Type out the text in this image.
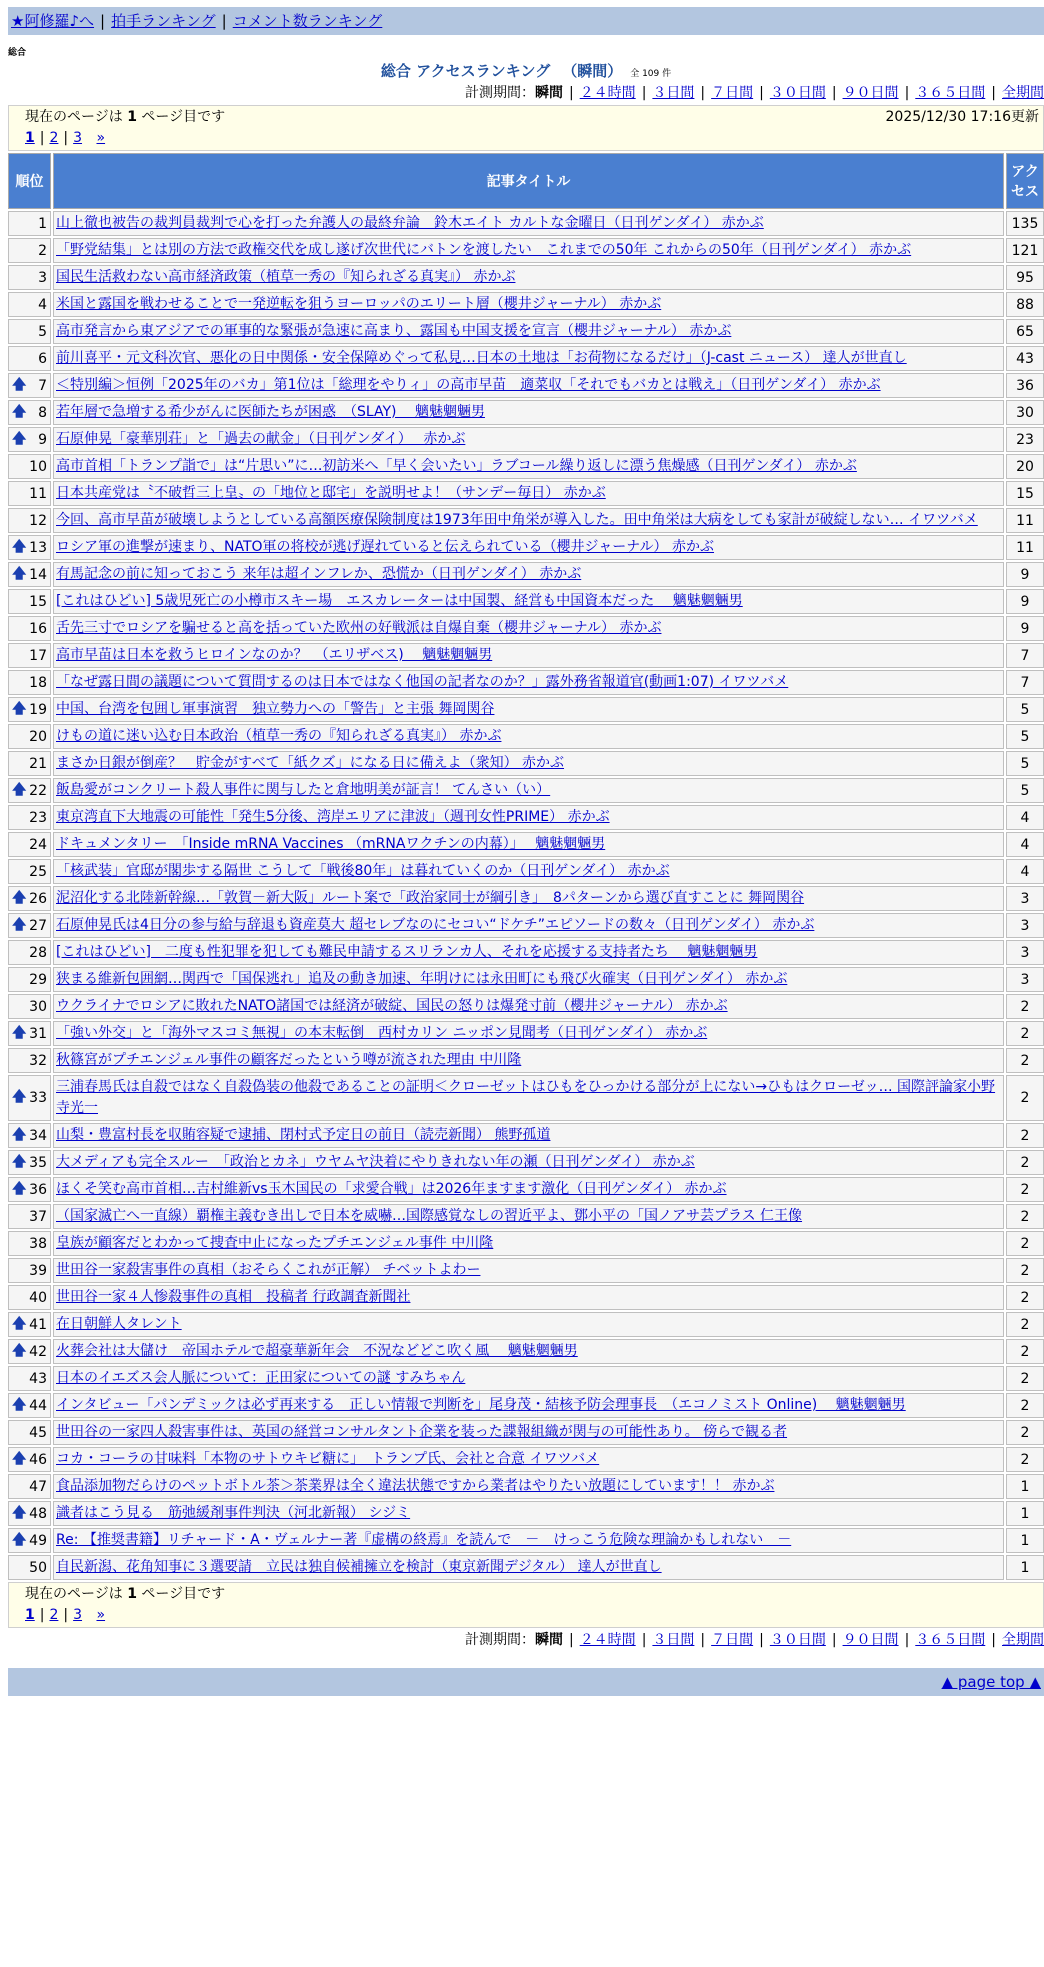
★阿修羅♪へ | 拍手ランキング | コメント数ランキング
総合
総合 アクセスランキング （瞬間） 全 109 件
計測期間：瞬間 | ２４時間 | ３日間 | ７日間 | ３０日間 | ９０日間 | ３６５日間 | 全期間
現在のページは 1 ページ目です	2025/12/30 17:16更新
1 | 2 | 3 »
順位	記事タイトル	アクセス
1	山上徹也被告の裁判員裁判で心を打った弁護人の最終弁論　鈴木エイト カルトな金曜日（日刊ゲンダイ） 赤かぶ	135
2	「野党結集」とは別の方法で政権交代を成し遂げ次世代にバトンを渡したい　これまでの50年 これからの50年（日刊ゲンダイ） 赤かぶ	121
3	国民生活救わない高市経済政策（植草一秀の『知られざる真実』） 赤かぶ	95
4	米国と露国を戦わせることで一発逆転を狙うヨーロッパのエリート層（櫻井ジャーナル） 赤かぶ	88
5	高市発言から東アジアでの軍事的な緊張が急速に高まり、露国も中国支援を宣言（櫻井ジャーナル） 赤かぶ	65
6	前川喜平・元文科次官、悪化の日中関係・安全保障めぐって私見…日本の土地は「お荷物になるだけ」（J-cast ニュース） 達人が世直し	43

🡅 7	＜特別編＞恒例「2025年のバカ」第1位は「総理をやりィ」の高市早苗　適菜収「それでもバカとは戦え」（日刊ゲンダイ） 赤かぶ	36

🡅 8	若年層で急増する希少がんに医師たちが困惑　（SLAY)　 魑魅魍魎男	30

🡅 9	石原伸晃「豪華別荘」と「過去の献金」（日刊ゲンダイ）　 赤かぶ	23
10	高市首相「トランプ詣で」は“片思い”に…初訪米へ「早く会いたい」ラブコール繰り返しに漂う焦燥感（日刊ゲンダイ） 赤かぶ	20
11	日本共産党は〝不破哲三上皇〟の「地位と邸宅」を説明せよ！（サンデー毎日） 赤かぶ	15
12	今回、高市早苗が破壊しようとしている高額医療保険制度は1973年田中角栄が導入した。田中角栄は大病をしても家計が破綻しない… イワツバメ	11

🡅 13	ロシア軍の進撃が速まり、NATO軍の将校が逃げ遅れていると伝えられている（櫻井ジャーナル） 赤かぶ	11

🡅 14	有馬記念の前に知っておこう 来年は超インフレか、恐慌か（日刊ゲンダイ） 赤かぶ	9
15	[これはひどい] 5歳児死亡の小樽市スキー場　エスカレーターは中国製、経営も中国資本だった　 魑魅魍魎男	9
16	舌先三寸でロシアを騙せると高を括っていた欧州の好戦派は自爆自棄（櫻井ジャーナル） 赤かぶ	9
17	高市早苗は日本を救うヒロインなのか？　（エリザベス)　 魑魅魍魎男	7
18	「なぜ露日間の議題について質問するのは日本ではなく他国の記者なのか？」露外務省報道官(動画1:07) イワツバメ	7

🡅 19	中国、台湾を包囲し軍事演習　独立勢力への「警告」と主張 舞岡関谷	5
20	けもの道に迷い込む日本政治（植草一秀の『知られざる真実』） 赤かぶ	5
21	まさか日銀が倒産？　貯金がすべて「紙クズ」になる日に備えよ（衆知） 赤かぶ	5

🡅 22	飯島愛がコンクリート殺人事件に関与したと倉地明美が証言！ てんさい（い）	5
23	東京湾直下大地震の可能性「発生5分後、湾岸エリアに津波」（週刊女性PRIME） 赤かぶ	4
24	ドキュメンタリー　「Inside mRNA Vaccines （mRNAワクチンの内幕）」　 魑魅魍魎男	4
25	「核武装」官邸が閣歩する隔世 こうして「戦後80年」は暮れていくのか（日刊ゲンダイ） 赤かぶ	4

🡅 26	泥沼化する北陸新幹線…「敦賀－新大阪」ルート案で「政治家同士が綱引き」　8パターンから選び直すことに 舞岡関谷	3

🡅 27	石原伸晃氏は4日分の参与給与辞退も資産莫大 超セレブなのにセコい“ドケチ”エピソードの数々（日刊ゲンダイ） 赤かぶ	3
28	[これはひどい]　二度も性犯罪を犯しても難民申請するスリランカ人、それを応援する支持者たち　 魑魅魍魎男	3
29	狭まる維新包囲網…関西で「国保逃れ」追及の動き加速、年明けには永田町にも飛び火確実（日刊ゲンダイ） 赤かぶ	3
30	ウクライナでロシアに敗れたNATO諸国では経済が破綻、国民の怒りは爆発寸前（櫻井ジャーナル） 赤かぶ	2

🡅 31	「強い外交」と「海外マスコミ無視」の本末転倒　西村カリン ニッポン見聞考（日刊ゲンダイ） 赤かぶ	2
32	秋篠宮がプチエンジェル事件の顧客だったという噂が流された理由 中川隆	2

🡅 33	三浦春馬氏は自殺ではなく自殺偽装の他殺であることの証明＜クローゼットはひもをひっかける部分が上にない→ひもはクローゼッ… 国際評論家小野寺光一	2

🡅 34	山梨・豊富村長を収賄容疑で逮捕、閉村式予定日の前日（読売新聞） 熊野孤道	2

🡅 35	大メディアも完全スルー　「政治とカネ」ウヤムヤ決着にやりきれない年の瀬（日刊ゲンダイ） 赤かぶ	2

🡅 36	ほくそ笑む高市首相…吉村維新vs玉木国民の「求愛合戦」は2026年ますます激化（日刊ゲンダイ） 赤かぶ	2
37	（国家滅亡へ一直線）覇権主義むき出しで日本を威嚇…国際感覚なしの習近平よ、鄧小平の「国ノアサ芸プラス 仁王像	2
38	皇族が顧客だとわかって捜査中止になったプチエンジェル事件 中川隆	2
39	世田谷一家殺害事件の真相（おそらくこれが正解） チベットよわー	2
40	世田谷一家４人惨殺事件の真相　投稿者 行政調査新聞社	2

🡅 41	在日朝鮮人タレント	2

🡅 42	火葬会社は大儲け　帝国ホテルで超豪華新年会　不況などどこ吹く風　 魑魅魍魎男	2
43	日本のイエズス会人脈について：正田家についての謎 すみちゃん	2

🡅 44	インタビュー「パンデミックは必ず再来する　正しい情報で判断を」尾身茂・結核予防会理事長　（エコノミスト Online)　 魑魅魍魎男	2
45	世田谷の一家四人殺害事件は、英国の経営コンサルタント企業を装った諜報組織が関与の可能性あり。 傍らで観る者	2

🡅 46	コカ・コーラの甘味料「本物のサトウキビ糖に」　トランプ氏、会社と合意 イワツバメ	2
47	食品添加物だらけのペットボトル茶＞茶業界は全く違法状態ですから業者はやりたい放題にしています！！ 赤かぶ	1

🡅 48	識者はこう見る　筋弛緩剤事件判決（河北新報） シジミ	1

🡅 49	Re: 【推奨書籍】リチャード・A・ヴェルナー著『虚構の終焉』を読んで　－　けっこう危険な理論かもしれない　－	1
50	自民新潟、花角知事に３選要請　立民は独自候補擁立を検討（東京新聞デジタル） 達人が世直し	1
現在のページは 1 ページ目です
1 | 2 | 3 »
計測期間：瞬間 | ２４時間 | ３日間 | ７日間 | ３０日間 | ９０日間 | ３６５日間 | 全期間
▲ page top ▲
